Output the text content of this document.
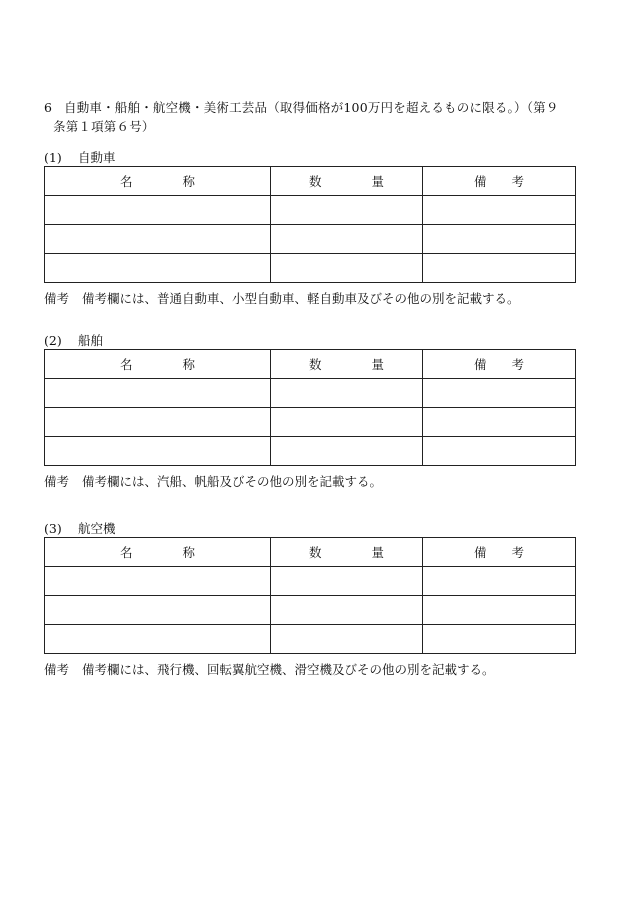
6 自動車・船舶・航空機・美術工芸品（取得価格が100万円を超えるものに限る。）（第９
条第１項第６号）
(1) 自動車
名　　　　称	数　　　　量	備　　考

備考 備考欄には、普通自動車、小型自動車、軽自動車及びその他の別を記載する。
(2) 船舶
名　　　　称	数　　　　量	備　　考

備考 備考欄には、汽船、帆船及びその他の別を記載する。
(3) 航空機
名　　　　称	数　　　　量	備　　考

備考 備考欄には、飛行機、回転翼航空機、滑空機及びその他の別を記載する。
